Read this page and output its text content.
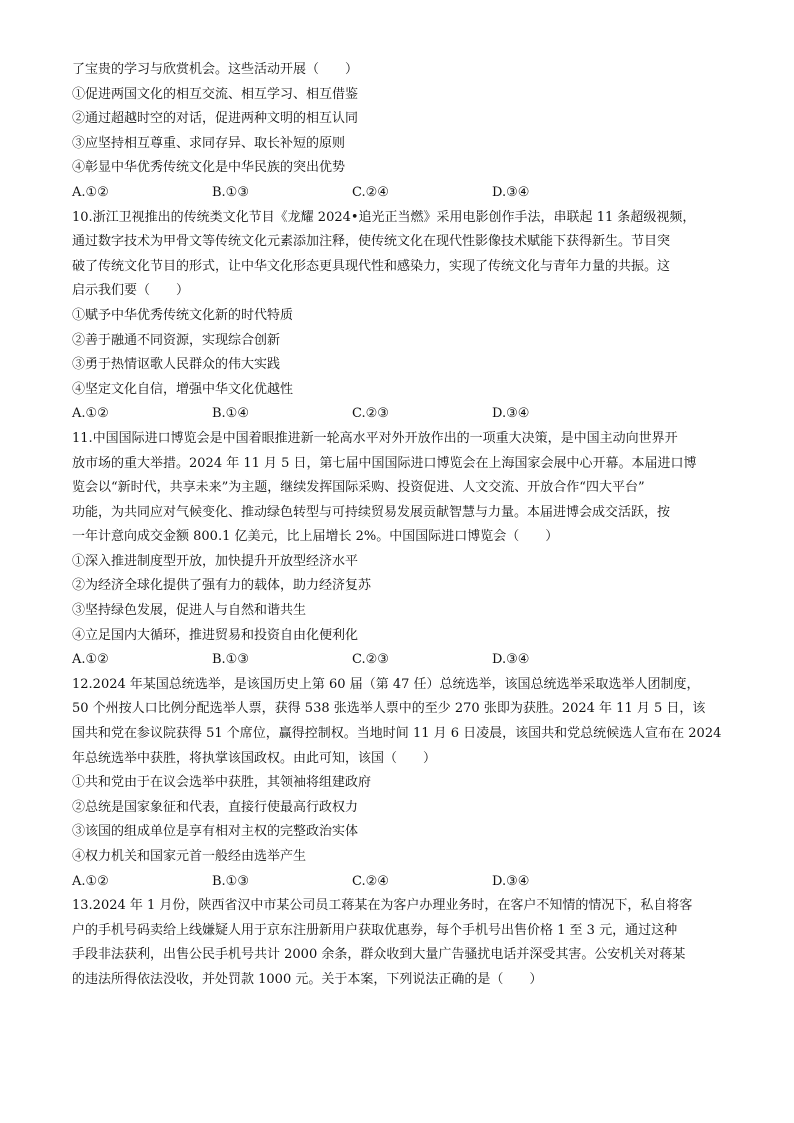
了宝贵的学习与欣赏机会。这些活动开展（　　）
①促进两国文化的相互交流、相互学习、相互借鉴
②通过超越时空的对话，促进两种文明的相互认同
③应坚持相互尊重、求同存异、取长补短的原则
④彰显中华优秀传统文化是中华民族的突出优势
A.①②	B.①③	C.②④	D.③④
10.浙江卫视推出的传统类文化节目《龙耀 2024•追光正当燃》采用电影创作手法，串联起 11 条超级视频，
通过数字技术为甲骨文等传统文化元素添加注释，使传统文化在现代性影像技术赋能下获得新生。节目突
破了传统文化节目的形式，让中华文化形态更具现代性和感染力，实现了传统文化与青年力量的共振。这
启示我们要（　　）
①赋予中华优秀传统文化新的时代特质
②善于融通不同资源，实现综合创新
③勇于热情讴歌人民群众的伟大实践
④坚定文化自信，增强中华文化优越性
A.①②	B.①④	C.②③	D.③④
11.中国国际进口博览会是中国着眼推进新一轮高水平对外开放作出的一项重大决策，是中国主动向世界开
放市场的重大举措。2024 年 11 月 5 日，第七届中国国际进口博览会在上海国家会展中心开幕。本届进口博
览会以“新时代，共享未来”为主题，继续发挥国际采购、投资促进、人文交流、开放合作“四大平台”
功能，为共同应对气候变化、推动绿色转型与可持续贸易发展贡献智慧与力量。本届进博会成交活跃，按
一年计意向成交金额 800.1 亿美元，比上届增长 2%。中国国际进口博览会（　　）
①深入推进制度型开放，加快提升开放型经济水平
②为经济全球化提供了强有力的载体，助力经济复苏
③坚持绿色发展，促进人与自然和谐共生
④立足国内大循环，推进贸易和投资自由化便利化
A.①②	B.①③	C.②③	D.③④
12.2024 年某国总统选举，是该国历史上第 60 届（第 47 任）总统选举，该国总统选举采取选举人团制度，
50 个州按人口比例分配选举人票，获得 538 张选举人票中的至少 270 张即为获胜。2024 年 11 月 5 日，该
国共和党在参议院获得 51 个席位，赢得控制权。当地时间 11 月 6 日凌晨，该国共和党总统候选人宣布在 2024
年总统选举中获胜，将执掌该国政权。由此可知，该国（　　）
①共和党由于在议会选举中获胜，其领袖将组建政府
②总统是国家象征和代表，直接行使最高行政权力
③该国的组成单位是享有相对主权的完整政治实体
④权力机关和国家元首一般经由选举产生
A.①②	B.①③	C.②④	D.③④
13.2024 年 1 月份，陕西省汉中市某公司员工蒋某在为客户办理业务时，在客户不知情的情况下，私自将客
户的手机号码卖给上线嫌疑人用于京东注册新用户获取优惠券，每个手机号出售价格 1 至 3 元，通过这种
手段非法获利，出售公民手机号共计 2000 余条，群众收到大量广告骚扰电话并深受其害。公安机关对蒋某
的违法所得依法没收，并处罚款 1000 元。关于本案，下列说法正确的是（　　）
